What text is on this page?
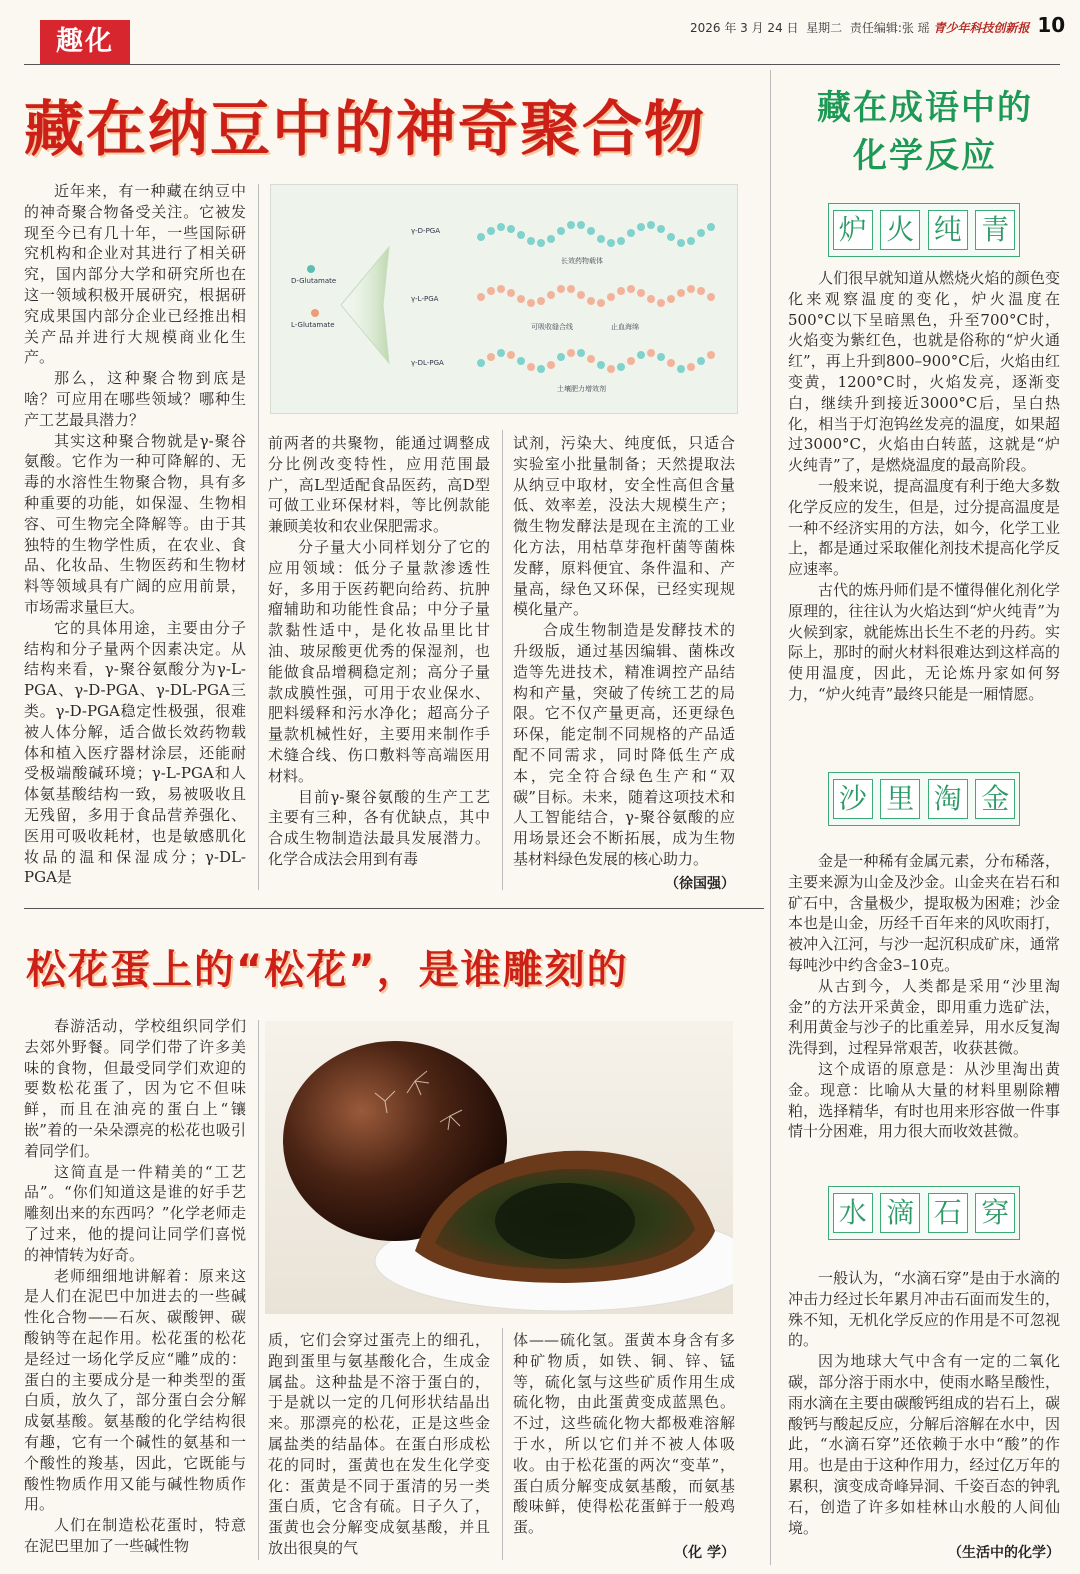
趣化	2026 年 3 月 24 日 星期二 责任编辑:张 瑶 青少年科技创新报 10
藏在纳豆中的神奇聚合物
D-Glutamate
L-Glutamate
γ-D-PGA
γ-L-PGA
γ-DL-PGA
长效药物载体
可吸收缝合线	止血海绵
土壤肥力增效剂

近年来，有一种藏在纳豆中的神奇聚合物备受关注。它被发现至今已有几十年，一些国际研究机构和企业对其进行了相关研究，国内部分大学和研究所也在这一领域积极开展研究，根据研究成果国内部分企业已经推出相关产品并进行大规模商业化生产。

那么，这种聚合物到底是啥？可应用在哪些领域？哪种生产工艺最具潜力？

其实这种聚合物就是γ-聚谷氨酸。它作为一种可降解的、无毒的水溶性生物聚合物，具有多种重要的功能，如保湿、生物相容、可生物完全降解等。由于其独特的生物学性质，在农业、食品、化妆品、生物医药和生物材料等领域具有广阔的应用前景，市场需求量巨大。

它的具体用途，主要由分子结构和分子量两个因素决定。从结构来看，γ-聚谷氨酸分为γ-L-PGA、γ-D-PGA、γ-DL-PGA三类。γ-D-PGA稳定性极强，很难被人体分解，适合做长效药物载体和植入医疗器材涂层，还能耐受极端酸碱环境；γ-L-PGA和人体氨基酸结构一致，易被吸收且无残留，多用于食品营养强化、医用可吸收耗材，也是敏感肌化妆品的温和保湿成分；γ-DL-PGA是

前两者的共聚物，能通过调整成分比例改变特性，应用范围最广，高L型适配食品医药，高D型可做工业环保材料，等比例款能兼顾美妆和农业保肥需求。

分子量大小同样划分了它的应用领域：低分子量款渗透性好，多用于医药靶向给药、抗肿瘤辅助和功能性食品；中分子量款黏性适中，是化妆品里比甘油、玻尿酸更优秀的保湿剂，也能做食品增稠稳定剂；高分子量款成膜性强，可用于农业保水、肥料缓释和污水净化；超高分子量款机械性好，主要用来制作手术缝合线、伤口敷料等高端医用材料。

目前γ-聚谷氨酸的生产工艺主要有三种，各有优缺点，其中合成生物制造法最具发展潜力。化学合成法会用到有毒

试剂，污染大、纯度低，只适合实验室小批量制备；天然提取法从纳豆中取材，安全性高但含量低、效率差，没法大规模生产；微生物发酵法是现在主流的工业化方法，用枯草芽孢杆菌等菌株发酵，原料便宜、条件温和、产量高，绿色又环保，已经实现规模化量产。

合成生物制造是发酵技术的升级版，通过基因编辑、菌株改造等先进技术，精准调控产品结构和产量，突破了传统工艺的局限。它不仅产量更高，还更绿色环保，能定制不同规格的产品适配不同需求，同时降低生产成本，完全符合绿色生产和“双碳”目标。未来，随着这项技术和人工智能结合，γ-聚谷氨酸的应用场景还会不断拓展，成为生物基材料绿色发展的核心助力。

（徐国强）
松花蛋上的“松花”，是谁雕刻的

春游活动，学校组织同学们去郊外野餐。同学们带了许多美味的食物，但最受同学们欢迎的要数松花蛋了，因为它不但味鲜，而且在油亮的蛋白上“镶嵌”着的一朵朵漂亮的松花也吸引着同学们。

这简直是一件精美的“工艺品”。“你们知道这是谁的好手艺雕刻出来的东西吗？”化学老师走了过来，他的提问让同学们喜悦的神情转为好奇。

老师细细地讲解着：原来这是人们在泥巴中加进去的一些碱性化合物——石灰、碳酸钾、碳酸钠等在起作用。松花蛋的松花是经过一场化学反应“雕”成的：蛋白的主要成分是一种类型的蛋白质，放久了，部分蛋白会分解成氨基酸。氨基酸的化学结构很有趣，它有一个碱性的氨基和一个酸性的羧基，因此，它既能与酸性物质作用又能与碱性物质作用。

人们在制造松花蛋时，特意在泥巴里加了一些碱性物

质，它们会穿过蛋壳上的细孔，跑到蛋里与氨基酸化合，生成金属盐。这种盐是不溶于蛋白的，于是就以一定的几何形状结晶出来。那漂亮的松花，正是这些金属盐类的结晶体。在蛋白形成松花的同时，蛋黄也在发生化学变化：蛋黄是不同于蛋清的另一类蛋白质，它含有硫。日子久了，蛋黄也会分解变成氨基酸，并且放出很臭的气

体——硫化氢。蛋黄本身含有多种矿物质，如铁、铜、锌、锰等，硫化氢与这些矿质作用生成硫化物，由此蛋黄变成蓝黑色。不过，这些硫化物大都极难溶解于水，所以它们并不被人体吸收。由于松花蛋的两次“变革”，蛋白质分解变成氨基酸，而氨基酸味鲜，使得松花蛋鲜于一般鸡蛋。

（化 学）
藏在成语中的
化学反应
炉 火 纯 青

人们很早就知道从燃烧火焰的颜色变化来观察温度的变化，炉火温度在500°C以下呈暗黑色，升至700°C时，火焰变为紫红色，也就是俗称的“炉火通红”，再上升到800–900°C后，火焰由红变黄，1200°C时，火焰发亮，逐渐变白，继续升到接近3000°C后，呈白热化，相当于灯泡钨丝发亮的温度，如果超过3000°C，火焰由白转蓝，这就是“炉火纯青”了，是燃烧温度的最高阶段。

一般来说，提高温度有利于绝大多数化学反应的发生，但是，过分提高温度是一种不经济实用的方法，如今，化学工业上，都是通过采取催化剂技术提高化学反应速率。

古代的炼丹师们是不懂得催化剂化学原理的，往往认为火焰达到“炉火纯青”为火候到家，就能炼出长生不老的丹药。实际上，那时的耐火材料很难达到这样高的使用温度，因此，无论炼丹家如何努力，“炉火纯青”最终只能是一厢情愿。

沙 里 淘 金

金是一种稀有金属元素，分布稀落，主要来源为山金及沙金。山金夹在岩石和矿石中，含量极少，提取极为困难；沙金本也是山金，历经千百年来的风吹雨打，被冲入江河，与沙一起沉积成矿床，通常每吨沙中约含金3–10克。

从古到今，人类都是采用“沙里淘金”的方法开采黄金，即用重力选矿法，利用黄金与沙子的比重差异，用水反复淘洗得到，过程异常艰苦，收获甚微。

这个成语的原意是：从沙里淘出黄金。现意：比喻从大量的材料里剔除糟粕，选择精华，有时也用来形容做一件事情十分困难，用力很大而收效甚微。

水 滴 石 穿

一般认为，“水滴石穿”是由于水滴的冲击力经过长年累月冲击石面而发生的，殊不知，无机化学反应的作用是不可忽视的。

因为地球大气中含有一定的二氧化碳，部分溶于雨水中，使雨水略呈酸性，雨水滴在主要由碳酸钙组成的岩石上，碳酸钙与酸起反应，分解后溶解在水中，因此，“水滴石穿”还依赖于水中“酸”的作用。也是由于这种作用力，经过亿万年的累积，演变成奇峰异洞、千姿百态的钟乳石，创造了许多如桂林山水般的人间仙境。

（生活中的化学）
